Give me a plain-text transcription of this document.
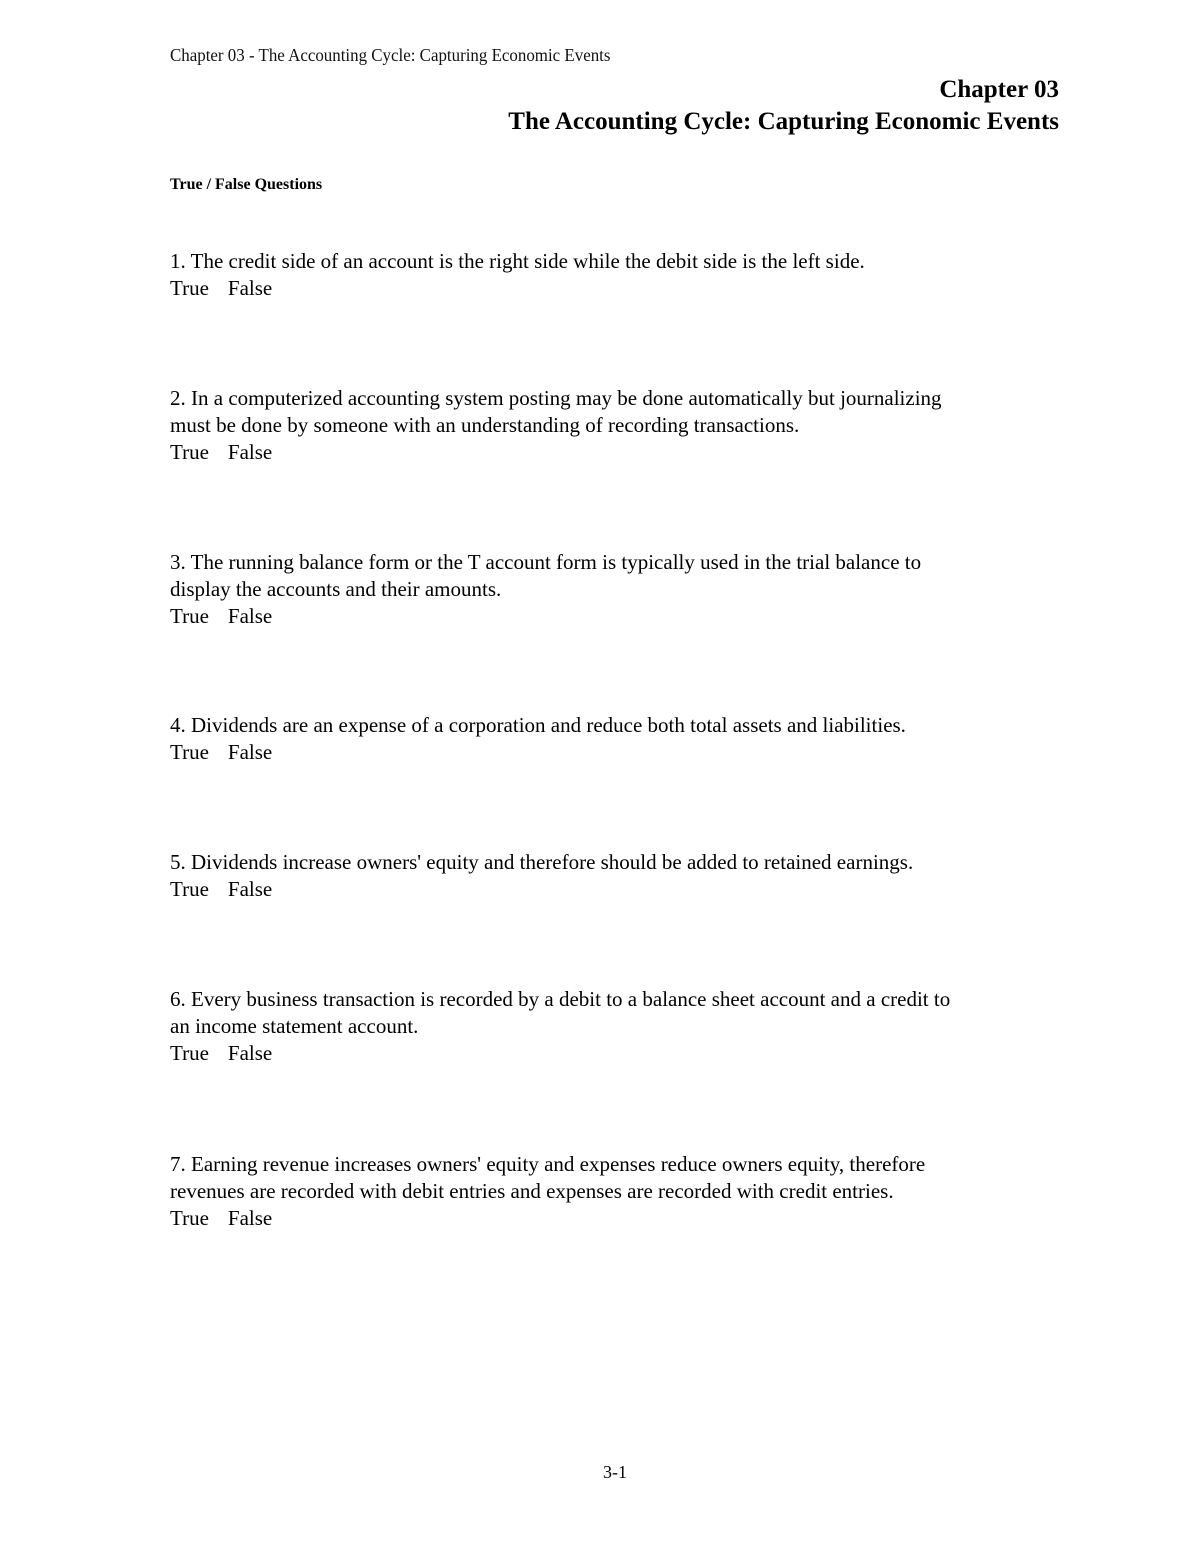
Chapter 03 - The Accounting Cycle: Capturing Economic Events
Chapter 03
The Accounting Cycle: Capturing Economic Events
True / False Questions
1. The credit side of an account is the right side while the debit side is the left side.
True False
2. In a computerized accounting system posting may be done automatically but journalizing
must be done by someone with an understanding of recording transactions.
True False
3. The running balance form or the T account form is typically used in the trial balance to
display the accounts and their amounts.
True False
4. Dividends are an expense of a corporation and reduce both total assets and liabilities.
True False
5. Dividends increase owners' equity and therefore should be added to retained earnings.
True False
6. Every business transaction is recorded by a debit to a balance sheet account and a credit to
an income statement account.
True False
7. Earning revenue increases owners' equity and expenses reduce owners equity, therefore
revenues are recorded with debit entries and expenses are recorded with credit entries.
True False
3-1
